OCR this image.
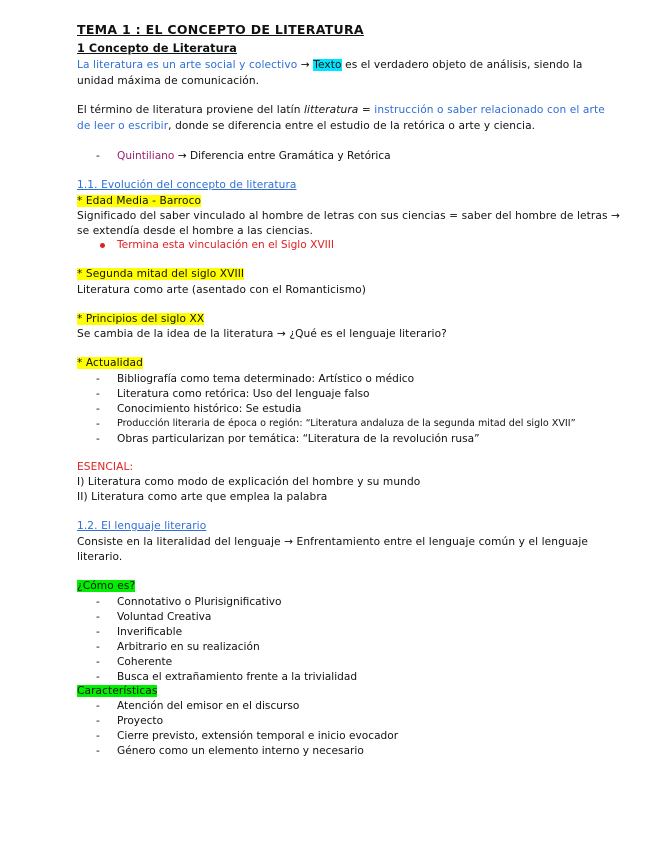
TEMA 1 : EL CONCEPTO DE LITERATURA
1 Concepto de Literatura
La literatura es un arte social y colectivo → Texto es el verdadero objeto de análisis, siendo la
unidad máxima de comunicación.
El término de literatura proviene del latín litteratura = instrucción o saber relacionado con el arte
de leer o escribir, donde se diferencia entre el estudio de la retórica o arte y ciencia.
- Quintiliano → Diferencia entre Gramática y Retórica
1.1. Evolución del concepto de literatura
* Edad Media - Barroco
Significado del saber vinculado al hombre de letras con sus ciencias = saber del hombre de letras →
se extendía desde el hombre a las ciencias.
Termina esta vinculación en el Siglo XVIII
* Segunda mitad del siglo XVIII
Literatura como arte (asentado con el Romanticismo)
* Principios del siglo XX
Se cambia de la idea de la literatura → ¿Qué es el lenguaje literario?
* Actualidad
- Bibliografía como tema determinado: Artístico o médico
- Literatura como retórica: Uso del lenguaje falso
- Conocimiento histórico: Se estudia
- Producción literaria de época o región: “Literatura andaluza de la segunda mitad del siglo XVII”
- Obras particularizan por temática: “Literatura de la revolución rusa”
ESENCIAL:
I) Literatura como modo de explicación del hombre y su mundo
II) Literatura como arte que emplea la palabra
1.2. El lenguaje literario
Consiste en la literalidad del lenguaje → Enfrentamiento entre el lenguaje común y el lenguaje
literario.
¿Cómo es?
- Connotativo o Plurisignificativo
- Voluntad Creativa
- Inverificable
- Arbitrario en su realización
- Coherente
- Busca el extrañamiento frente a la trivialidad
Características
- Atención del emisor en el discurso
- Proyecto
- Cierre previsto, extensión temporal e inicio evocador
- Género como un elemento interno y necesario
